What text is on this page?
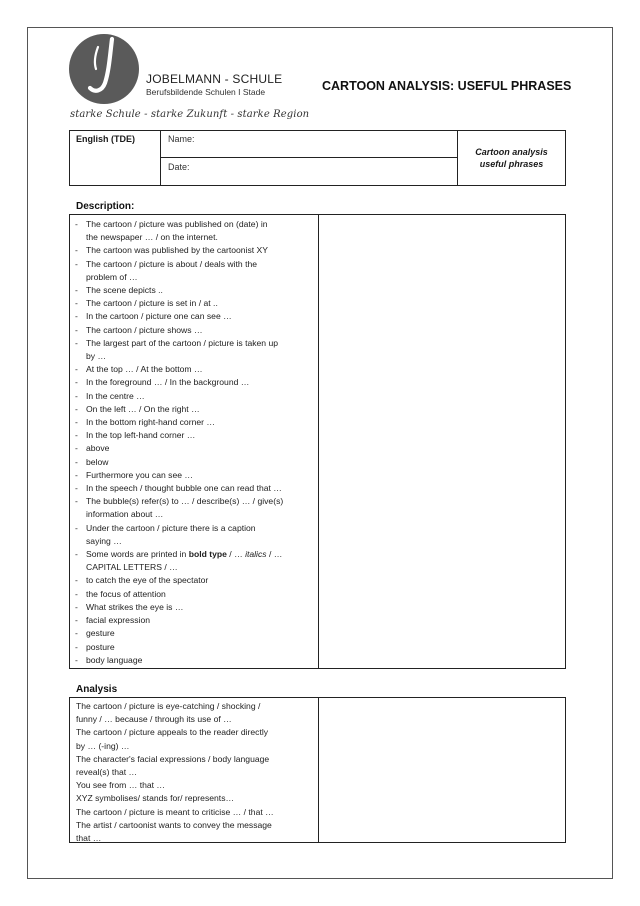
JOBELMANN - SCHULE
Berufsbildende Schulen I Stade
starke Schule - starke Zukunft - starke Region
CARTOON ANALYSIS: USEFUL PHRASES
English (TDE)	Name:
Date:
Cartoon analysis
useful phrases
Description:
- The cartoon / picture was published on (date) in
the newspaper … / on the internet.
- The cartoon was published by the cartoonist XY
- The cartoon / picture is about / deals with the
problem of …
- The scene depicts ..
- The cartoon / picture is set in / at ..
- In the cartoon / picture one can see …
- The cartoon / picture shows …
- The largest part of the cartoon / picture is taken up
by …
- At the top … / At the bottom …
- In the foreground … / In the background …
- In the centre …
- On the left … / On the right …
- In the bottom right-hand corner …
- In the top left-hand corner …
- above
- below
- Furthermore you can see …
- In the speech / thought bubble one can read that …
- The bubble(s) refer(s) to … / describe(s) … / give(s)
information about …
- Under the cartoon / picture there is a caption
saying …
- Some words are printed in bold type / … italics / …
CAPITAL LETTERS / …
- to catch the eye of the spectator
- the focus of attention
- What strikes the eye is …
- facial expression
- gesture
- posture
- body language
Analysis
The cartoon / picture is eye-catching / shocking /
funny / … because / through its use of …
The cartoon / picture appeals to the reader directly
by … (-ing) …
The character's facial expressions / body language
reveal(s) that …
You see from … that …
XYZ symbolises/ stands for/ represents…
The cartoon / picture is meant to criticise … / that …
The artist / cartoonist wants to convey the message
that …
